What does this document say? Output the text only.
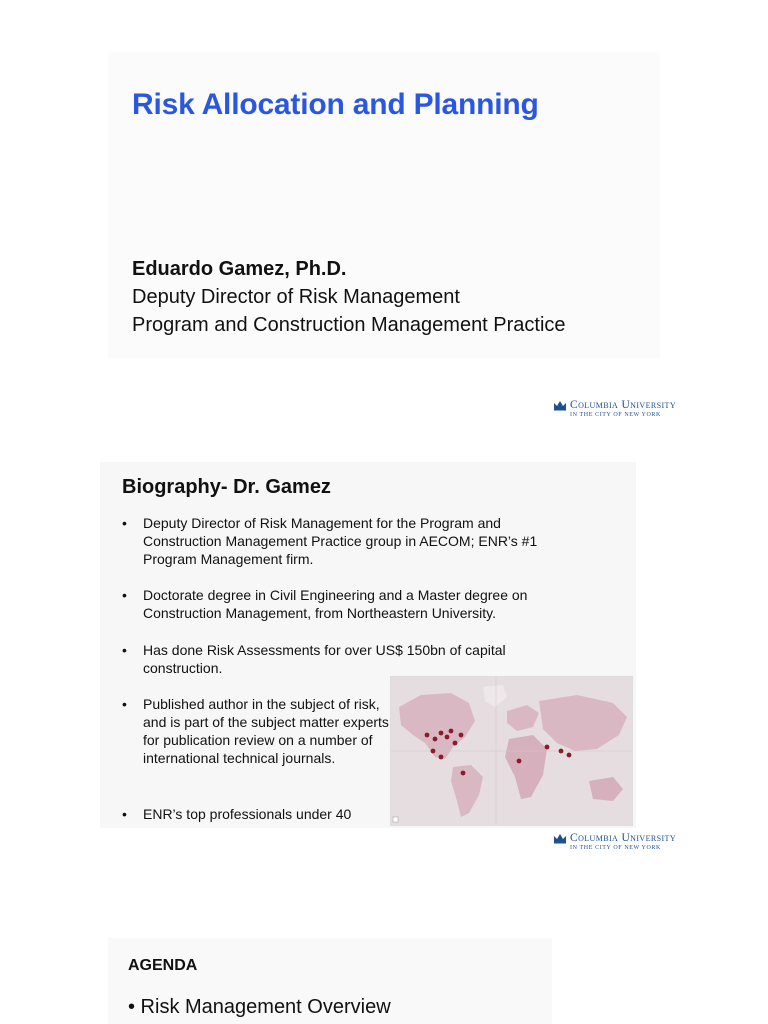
Risk Allocation and Planning
Eduardo Gamez, Ph.D.
Deputy Director of Risk Management
Program and Construction Management Practice
Columbia University
IN THE CITY OF NEW YORK
Biography- Dr. Gamez
•	Deputy Director of Risk Management for the Program and Construction Management Practice group in AECOM; ENR’s #1 Program Management firm.
•	Doctorate degree in Civil Engineering and a Master degree on Construction Management, from Northeastern University.
•	Has done Risk Assessments for over US$ 150bn of capital construction.
•	Published author in the subject of risk, and is part of the subject matter experts for publication review on a number of international technical journals.
•	ENR’s top professionals under 40
Columbia University
IN THE CITY OF NEW YORK
AGENDA
• Risk Management Overview
